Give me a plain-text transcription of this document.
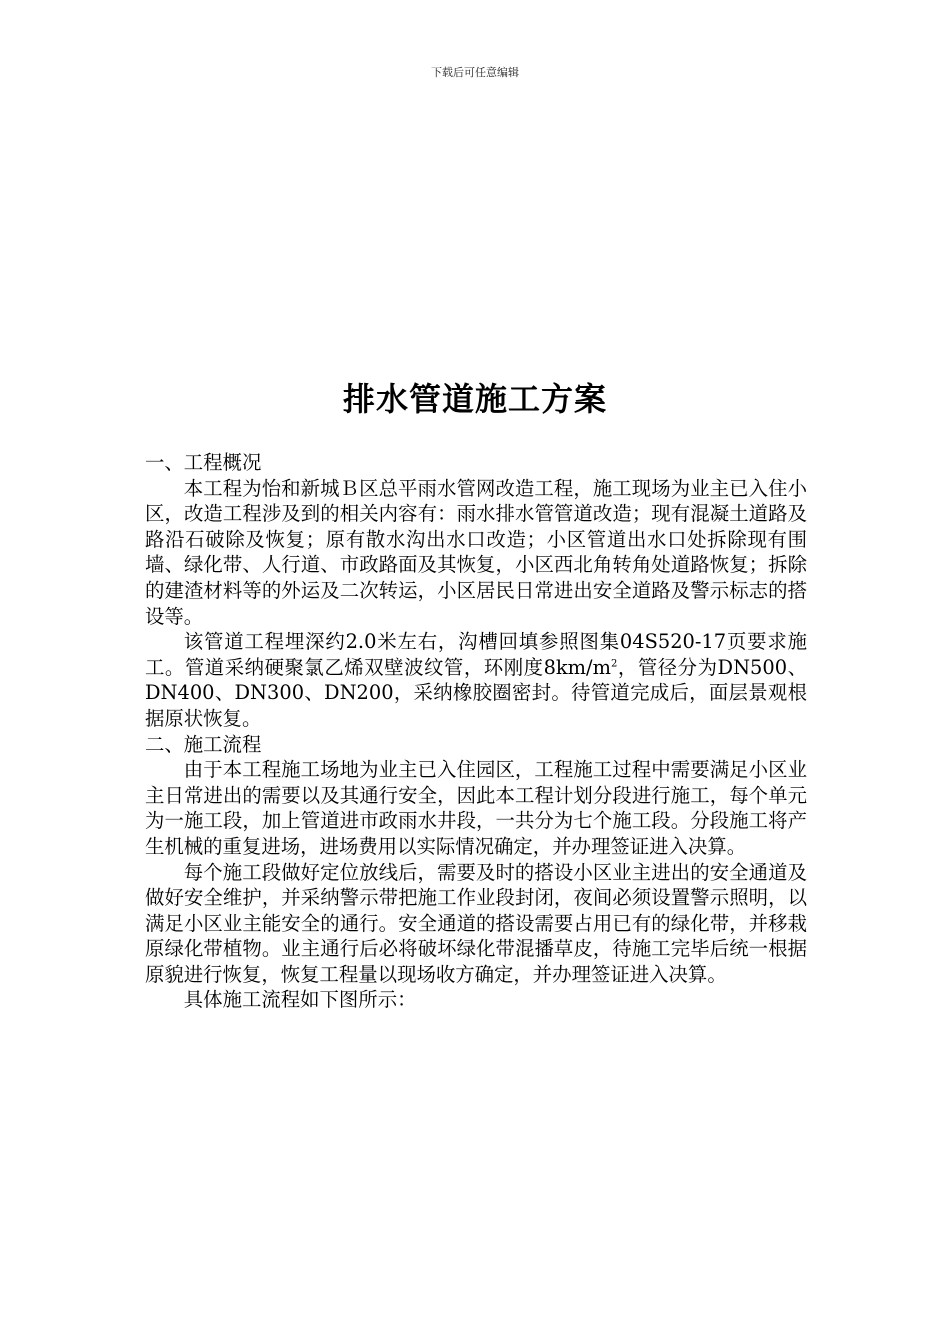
下载后可任意编辑
排水管道施工方案
一、工程概况

本工程为怡和新城Ｂ区总平雨水管网改造工程，施工现场为业主已入住小区，改造工程涉及到的相关内容有：雨水排水管管道改造；现有混凝土道路及路沿石破除及恢复；原有散水沟出水口改造；小区管道出水口处拆除现有围墙、绿化带、人行道、市政路面及其恢复，小区西北角转角处道路恢复；拆除的建渣材料等的外运及二次转运，小区居民日常进出安全道路及警示标志的搭设等。

该管道工程埋深约2.0米左右，沟槽回填参照图集04S520-17页要求施工。管道采纳硬聚氯乙烯双壁波纹管，环刚度$8km/m^2$，管径分为DN500、DN400、DN300、DN200，采纳橡胶圈密封。待管道完成后，面层景观根据原状恢复。

二、施工流程

由于本工程施工场地为业主已入住园区，工程施工过程中需要满足小区业主日常进出的需要以及其通行安全，因此本工程计划分段进行施工，每个单元为一施工段，加上管道进市政雨水井段，一共分为七个施工段。分段施工将产生机械的重复进场，进场费用以实际情况确定，并办理签证进入决算。

每个施工段做好定位放线后，需要及时的搭设小区业主进出的安全通道及做好安全维护，并采纳警示带把施工作业段封闭，夜间必须设置警示照明，以满足小区业主能安全的通行。安全通道的搭设需要占用已有的绿化带，并移栽原绿化带植物。业主通行后必将破坏绿化带混播草皮，待施工完毕后统一根据原貌进行恢复，恢复工程量以现场收方确定，并办理签证进入决算。

具体施工流程如下图所示：
